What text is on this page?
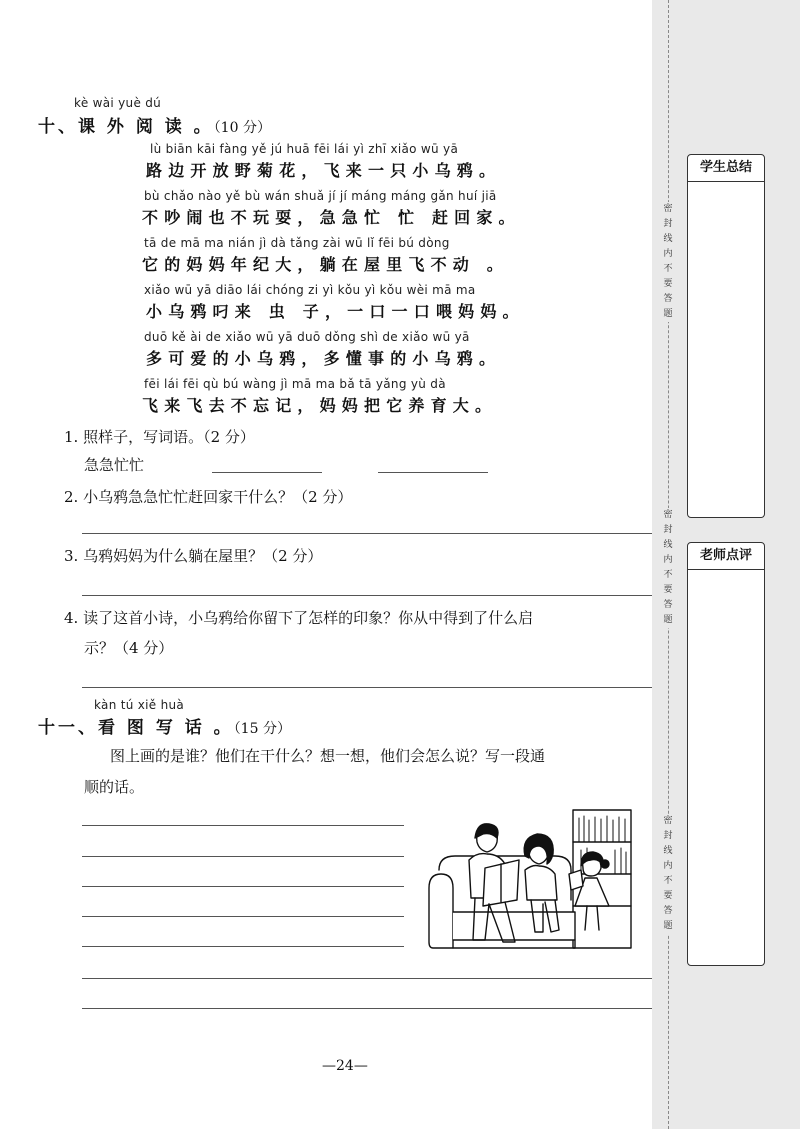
kè wài yuè dú
十、课 外 阅 读 。（10 分）
lù biān kāi fàng yě jú huā fēi lái yì zhī xiǎo wū yā
路边开放野菊花，飞来一只小乌鸦。
bù chǎo nào yě bù wán shuǎ jí jí máng máng gǎn huí jiā
不吵闹也不玩耍，急急忙 忙 赶回家。
tā de mā ma nián jì dà tǎng zài wū lǐ fēi bú dòng
它的妈妈年纪大，躺在屋里飞不动 。
xiǎo wū yā diāo lái chóng zi yì kǒu yì kǒu wèi mā ma
小乌鸦叼来 虫 子，一口一口喂妈妈。
duō kě ài de xiǎo wū yā duō dǒng shì de xiǎo wū yā
多可爱的小乌鸦，多懂事的小乌鸦。
fēi lái fēi qù bú wàng jì mā ma bǎ tā yǎng yù dà
飞来飞去不忘记，妈妈把它养育大。
1. 照样子，写词语。（2 分）
急急忙忙
2. 小乌鸦急急忙忙赶回家干什么？（2 分）
3. 乌鸦妈妈为什么躺在屋里？（2 分）
4. 读了这首小诗，小乌鸦给你留下了怎样的印象？你从中得到了什么启
示？（4 分）
kàn tú xiě huà
十一、看 图 写 话 。（15 分）
图上画的是谁？他们在干什么？想一想，他们会怎么说？写一段通
顺的话。
—24—
密
封
线
内
不
要
答
题
密
封
线
内
不
要
答
题
密
封
线
内
不
要
答
题
学生总结
老师点评
